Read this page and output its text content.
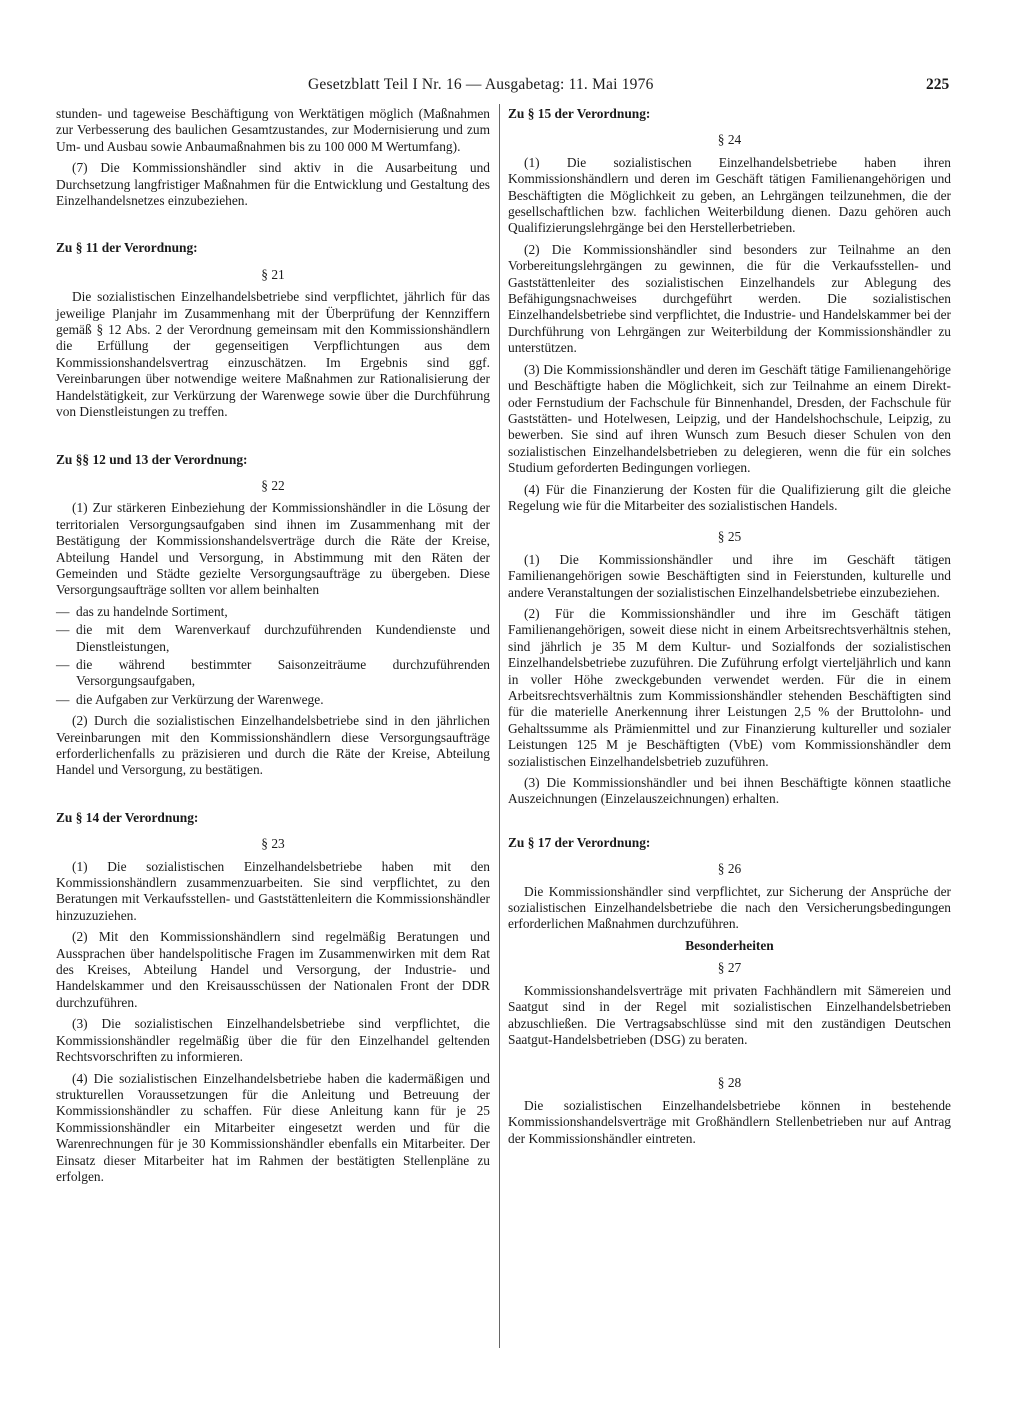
Gesetzblatt Teil I Nr. 16 — Ausgabetag: 11. Mai 1976	225

stunden- und tageweise Beschäftigung von Werktätigen möglich (Maßnahmen zur Verbesserung des baulichen Gesamtzustandes, zur Modernisierung und zum Um- und Ausbau sowie Anbaumaßnahmen bis zu 100 000 M Wertumfang).

(7) Die Kommissionshändler sind aktiv in die Ausarbeitung und Durchsetzung langfristiger Maßnahmen für die Entwicklung und Gestaltung des Einzelhandelsnetzes einzubeziehen.

Zu § 11 der Verordnung:
§ 21

Die sozialistischen Einzelhandelsbetriebe sind verpflichtet, jährlich für das jeweilige Planjahr im Zusammenhang mit der Überprüfung der Kennziffern gemäß § 12 Abs. 2 der Verordnung gemeinsam mit den Kommissionshändlern die Erfüllung der gegenseitigen Verpflichtungen aus dem Kommissionshandelsvertrag einzuschätzen. Im Ergebnis sind ggf. Vereinbarungen über notwendige weitere Maßnahmen zur Rationalisierung der Handelstätigkeit, zur Verkürzung der Warenwege sowie über die Durchführung von Dienstleistungen zu treffen.

Zu §§ 12 und 13 der Verordnung:
§ 22

(1) Zur stärkeren Einbeziehung der Kommissionshändler in die Lösung der territorialen Versorgungsaufgaben sind ihnen im Zusammenhang mit der Bestätigung der Kommissionshandelsverträge durch die Räte der Kreise, Abteilung Handel und Versorgung, in Abstimmung mit den Räten der Gemeinden und Städte gezielte Versorgungsaufträge zu übergeben. Diese Versorgungsaufträge sollten vor allem beinhalten

— das zu handelnde Sortiment,
— die mit dem Warenverkauf durchzuführenden Kundendienste und Dienstleistungen,
— die während bestimmter Saisonzeiträume durchzuführenden Versorgungsaufgaben,
— die Aufgaben zur Verkürzung der Warenwege.

(2) Durch die sozialistischen Einzelhandelsbetriebe sind in den jährlichen Vereinbarungen mit den Kommissionshändlern diese Versorgungsaufträge erforderlichenfalls zu präzisieren und durch die Räte der Kreise, Abteilung Handel und Versorgung, zu bestätigen.

Zu § 14 der Verordnung:
§ 23

(1) Die sozialistischen Einzelhandelsbetriebe haben mit den Kommissionshändlern zusammenzuarbeiten. Sie sind verpflichtet, zu den Beratungen mit Verkaufsstellen- und Gaststättenleitern die Kommissionshändler hinzuzuziehen.

(2) Mit den Kommissionshändlern sind regelmäßig Beratungen und Aussprachen über handelspolitische Fragen im Zusammenwirken mit dem Rat des Kreises, Abteilung Handel und Versorgung, der Industrie- und Handelskammer und den Kreisausschüssen der Nationalen Front der DDR durchzuführen.

(3) Die sozialistischen Einzelhandelsbetriebe sind verpflichtet, die Kommissionshändler regelmäßig über die für den Einzelhandel geltenden Rechtsvorschriften zu informieren.

(4) Die sozialistischen Einzelhandelsbetriebe haben die kadermäßigen und strukturellen Voraussetzungen für die Anleitung und Betreuung der Kommissionshändler zu schaffen. Für diese Anleitung kann für je 25 Kommissionshändler ein Mitarbeiter eingesetzt werden und für die Warenrechnungen für je 30 Kommissionshändler ebenfalls ein Mitarbeiter. Der Einsatz dieser Mitarbeiter hat im Rahmen der bestätigten Stellenpläne zu erfolgen.

Zu § 15 der Verordnung:
§ 24

(1) Die sozialistischen Einzelhandelsbetriebe haben ihren Kommissionshändlern und deren im Geschäft tätigen Familienangehörigen und Beschäftigten die Möglichkeit zu geben, an Lehrgängen teilzunehmen, die der gesellschaftlichen bzw. fachlichen Weiterbildung dienen. Dazu gehören auch Qualifizierungslehrgänge bei den Herstellerbetrieben.

(2) Die Kommissionshändler sind besonders zur Teilnahme an den Vorbereitungslehrgängen zu gewinnen, die für die Verkaufsstellen- und Gaststättenleiter des sozialistischen Einzelhandels zur Ablegung des Befähigungsnachweises durchgeführt werden. Die sozialistischen Einzelhandelsbetriebe sind verpflichtet, die Industrie- und Handelskammer bei der Durchführung von Lehrgängen zur Weiterbildung der Kommissionshändler zu unterstützen.

(3) Die Kommissionshändler und deren im Geschäft tätige Familienangehörige und Beschäftigte haben die Möglichkeit, sich zur Teilnahme an einem Direkt- oder Fernstudium der Fachschule für Binnenhandel, Dresden, der Fachschule für Gaststätten- und Hotelwesen, Leipzig, und der Handelshochschule, Leipzig, zu bewerben. Sie sind auf ihren Wunsch zum Besuch dieser Schulen von den sozialistischen Einzelhandelsbetrieben zu delegieren, wenn die für ein solches Studium geforderten Bedingungen vorliegen.

(4) Für die Finanzierung der Kosten für die Qualifizierung gilt die gleiche Regelung wie für die Mitarbeiter des sozialistischen Handels.

§ 25

(1) Die Kommissionshändler und ihre im Geschäft tätigen Familienangehörigen sowie Beschäftigten sind in Feierstunden, kulturelle und andere Veranstaltungen der sozialistischen Einzelhandelsbetriebe einzubeziehen.

(2) Für die Kommissionshändler und ihre im Geschäft tätigen Familienangehörigen, soweit diese nicht in einem Arbeitsrechtsverhältnis stehen, sind jährlich je 35 M dem Kultur- und Sozialfonds der sozialistischen Einzelhandelsbetriebe zuzuführen. Die Zuführung erfolgt vierteljährlich und kann in voller Höhe zweckgebunden verwendet werden. Für die in einem Arbeitsrechtsverhältnis zum Kommissionshändler stehenden Beschäftigten sind für die materielle Anerkennung ihrer Leistungen 2,5 % der Bruttolohn- und Gehaltssumme als Prämienmittel und zur Finanzierung kultureller und sozialer Leistungen 125 M je Beschäftigten (VbE) vom Kommissionshändler dem sozialistischen Einzelhandelsbetrieb zuzuführen.

(3) Die Kommissionshändler und bei ihnen Beschäftigte können staatliche Auszeichnungen (Einzelauszeichnungen) erhalten.

Zu § 17 der Verordnung:
§ 26

Die Kommissionshändler sind verpflichtet, zur Sicherung der Ansprüche der sozialistischen Einzelhandelsbetriebe die nach den Versicherungsbedingungen erforderlichen Maßnahmen durchzuführen.

Besonderheiten
§ 27

Kommissionshandelsverträge mit privaten Fachhändlern mit Sämereien und Saatgut sind in der Regel mit sozialistischen Einzelhandelsbetrieben abzuschließen. Die Vertragsabschlüsse sind mit den zuständigen Deutschen Saatgut-Handelsbetrieben (DSG) zu beraten.

§ 28

Die sozialistischen Einzelhandelsbetriebe können in bestehende Kommissionshandelsverträge mit Großhändlern Stellenbetrieben nur auf Antrag der Kommissionshändler eintreten.
